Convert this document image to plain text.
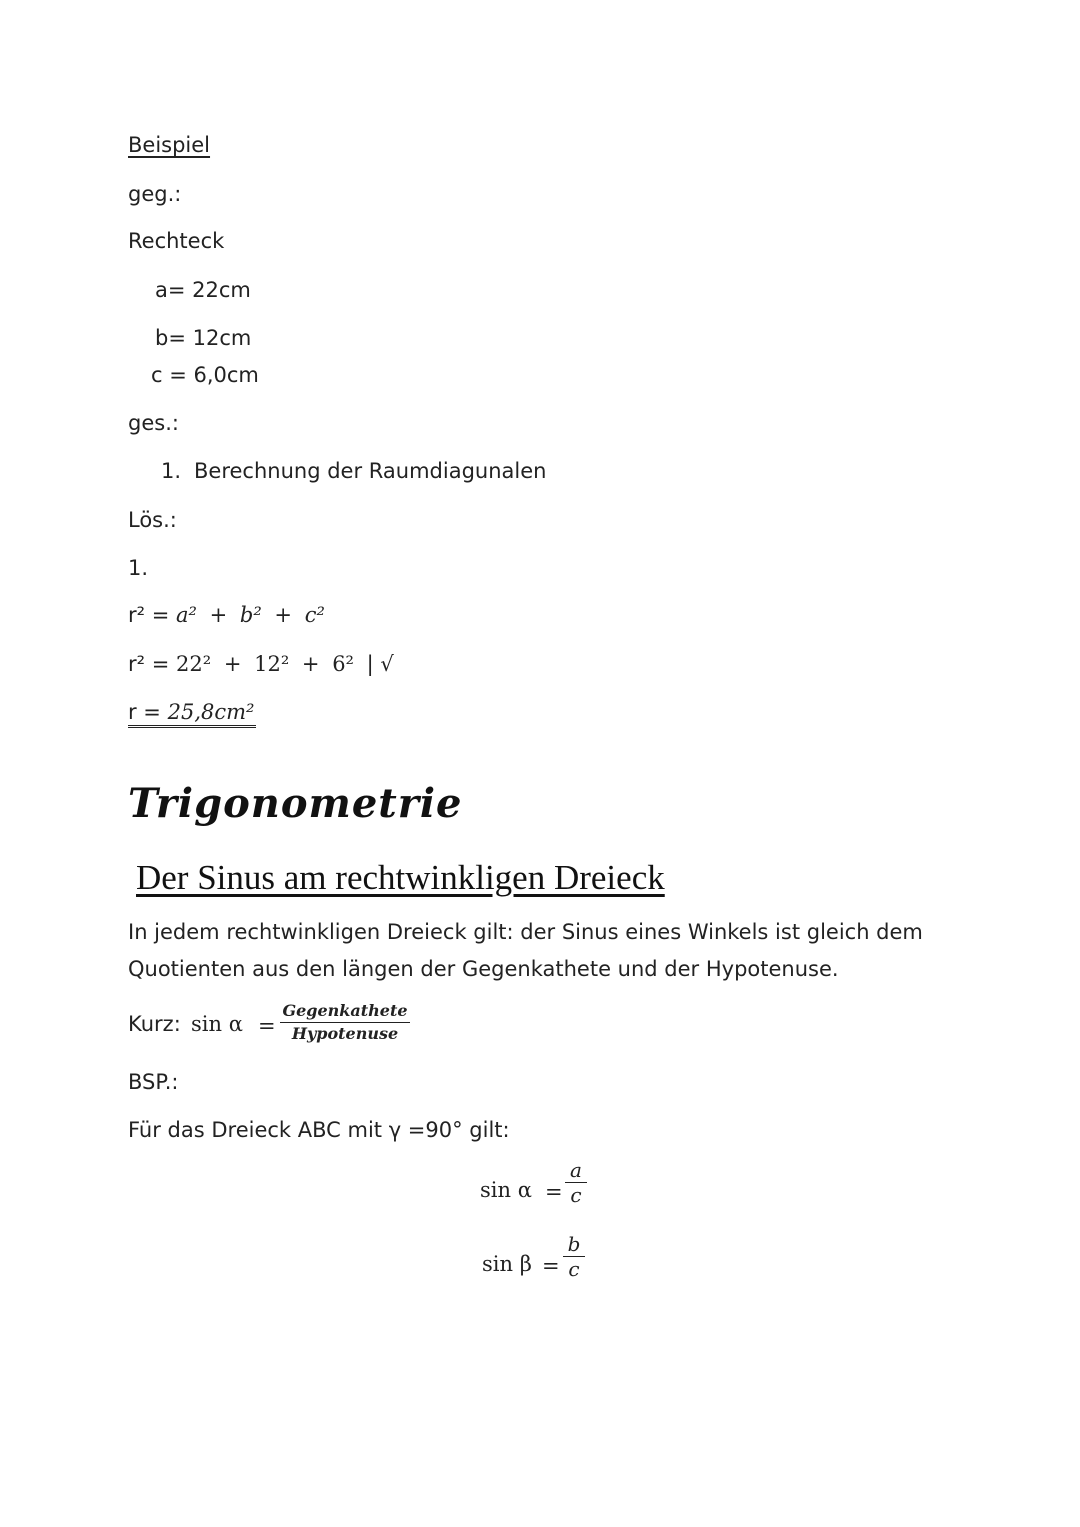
Beispiel
geg.:
Rechteck
a= 22cm
b= 12cm
c = 6,0cm
ges.:
1. Berechnung der Raumdiagunalen
Lös.:
1.
r² = a² + b² + c²
r² = 22² + 12² + 6² | √
r = 25,8cm²
Trigonometrie
Der Sinus am rechtwinkligen Dreieck
In jedem rechtwinkligen Dreieck gilt: der Sinus eines Winkels ist gleich dem
Quotienten aus den längen der Gegenkathete und der Hypotenuse.
Kurz: sin α =
Gegenkathete
Hypotenuse
BSP.:
Für das Dreieck ABC mit γ =90° gilt:
sin α =
a
c
sin β =
b
c
